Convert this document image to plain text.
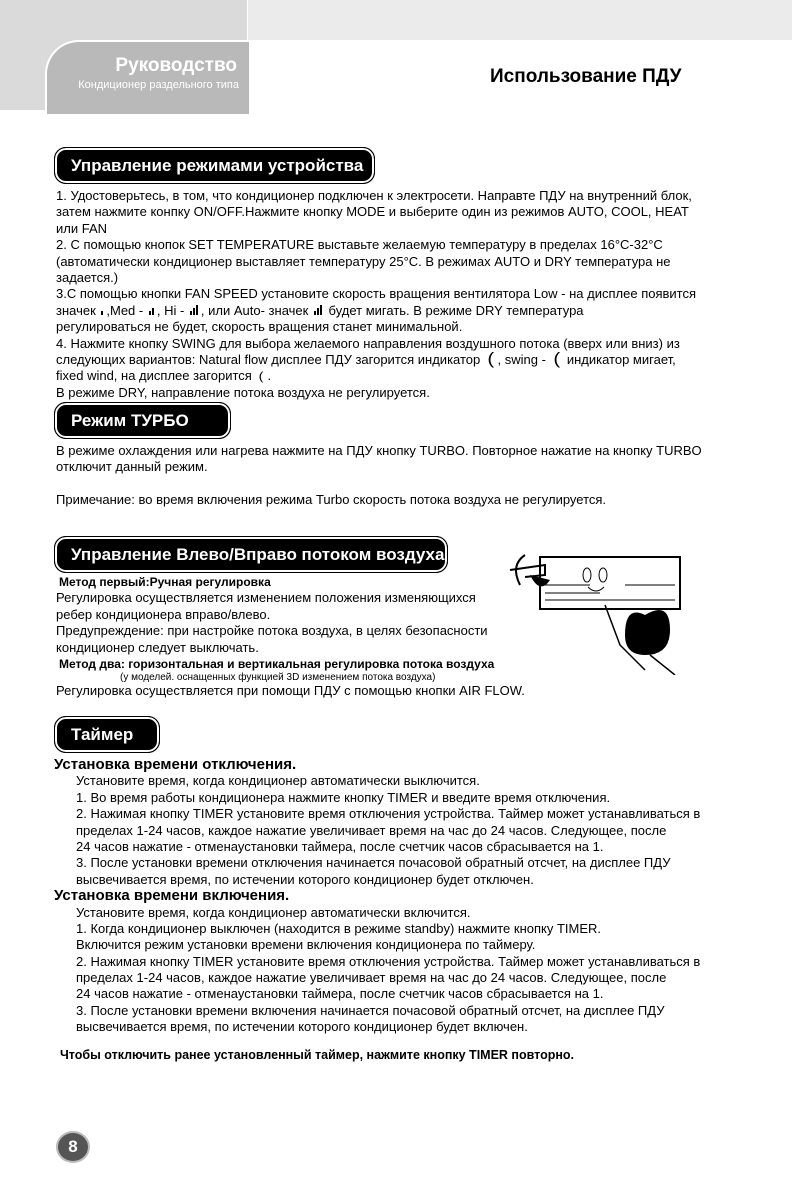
Руководство
Кондиционер раздельного типа	Использование ПДУ
Управление режимами устройства
1. Удостоверьтесь, в том, что кондиционер подключен к электросети. Направте ПДУ на внутренний блок,
затем нажмите конпку ON/OFF.Нажмите кнопку MODE и выберите один из режимов AUTO, COOL, HEAT
или FAN
2. С помощью кнопок SET TEMPERATURE выставьте желаемую температуру в пределах 16°C-32°C
(автоматически кондиционер выставляет температуру 25°C. В режимах AUTO и DRY температура не
задается.)
3.С помощью кнопки FAN SPEED установите скорость вращения вентилятора Low - на дисплее появится
значек ,Med - , Hi - , или Auto- значек  будет мигать. В режиме DRY температура
регулироваться не будет, скорость вращения станет минимальной.
4. Нажмите кнопку SWING для выбора желаемого направления воздушного потока (вверх или вниз) из
следующих вариантов: Natural flow дисплее ПДУ загорится индикатор ( , swing - ( индикатор мигает,
fixed wind, на дисплее загорится ( .
В режиме DRY, направление потока воздуха не регулируется.
Режим ТУРБО
В режиме охлаждения или нагрева нажмите на ПДУ кнопку TURBO. Повторное нажатие на кнопку TURBO
отключит данный режим.
Примечание: во время включения режима Turbo скорость потока воздуха не регулируется.
Управление Влево/Вправо потоком воздуха
Метод первый:Ручная регулировка
Регулировка осуществляется изменением положения изменяющихся
ребер кондиционера вправо/влево.
Предупреждение: при настройке потока воздуха, в целях безопасности
кондиционер следует выключать.
Метод два: горизонтальная и вертикальная регулировка потока воздуха
(у моделей. оснащенных функцией 3D изменением потока воздуха)
Регулировка осуществляется при помощи ПДУ с помощью кнопки AIR FLOW.
Таймер
Установка времени отключения.
Установите время, когда кондиционер автоматически выключится.
1. Во время работы кондиционера нажмите кнопку TIMER и введите время отключения.
2. Нажимая кнопку TIMER установите время отключения устройства. Таймер может устанавливаться в
пределах 1-24 часов, каждое нажатие увеличивает время на час до 24 часов. Следующее, после
24 часов нажатие - отменаустановки таймера, после счетчик часов сбрасывается на 1.
3. После установки времени отключения начинается почасовой обратный отсчет, на дисплее ПДУ
высвечивается время, по истечении которого кондиционер будет отключен.
Установка времени включения.
Установите время, когда кондиционер автоматически включится.
1. Когда кондиционер выключен (находится в режиме standby) нажмите кнопку TIMER.
Включится режим установки времени включения кондиционера по таймеру.
2. Нажимая кнопку TIMER установите время отключения устройства. Таймер может устанавливаться в
пределах 1-24 часов, каждое нажатие увеличивает время на час до 24 часов. Следующее, после
24 часов нажатие - отменаустановки таймера, после счетчик часов сбрасывается на 1.
3. После установки времени включения начинается почасовой обратный отсчет, на дисплее ПДУ
высвечивается время, по истечении которого кондиционер будет включен.
Чтобы отключить ранее установленный таймер, нажмите кнопку TIMER повторно.
8
